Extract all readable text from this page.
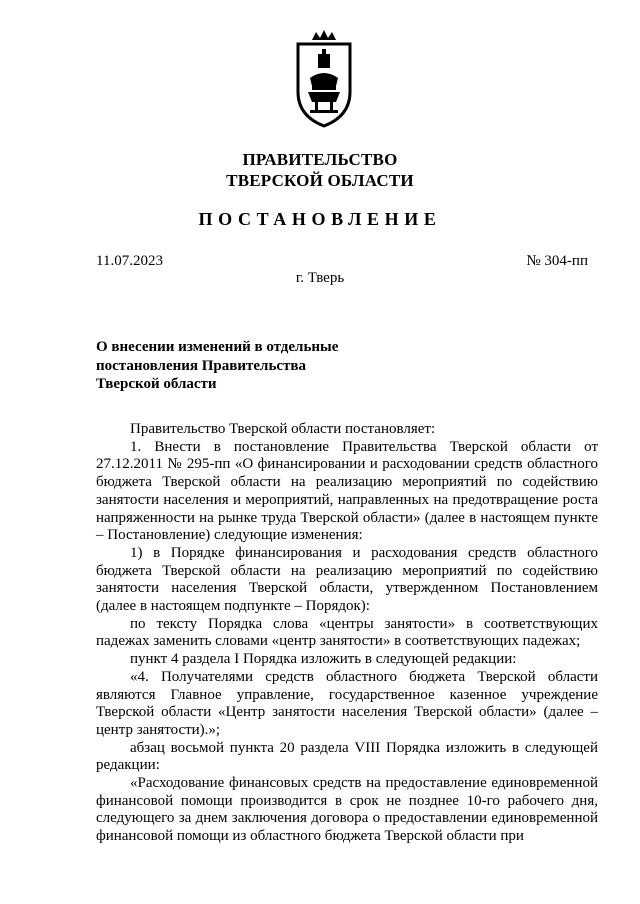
ПРАВИТЕЛЬСТВО
ТВЕРСКОЙ ОБЛАСТИ
ПОСТАНОВЛЕНИЕ
11.07.2023	№ 304-пп
г. Тверь
О внесении изменений в отдельные
постановления Правительства
Тверской области

Правительство Тверской области постановляет:

1. Внести в постановление Правительства Тверской области от 27.12.2011 № 295-пп «О финансировании и расходовании средств областного бюджета Тверской области на реализацию мероприятий по содействию занятости населения и мероприятий, направленных на предотвращение роста напряженности на рынке труда Тверской области» (далее в настоящем пункте – Постановление) следующие изменения:

1) в Порядке финансирования и расходования средств областного бюджета Тверской области на реализацию мероприятий по содействию занятости населения Тверской области, утвержденном Постановлением (далее в настоящем подпункте – Порядок):

по тексту Порядка слова «центры занятости» в соответствующих падежах заменить словами «центр занятости» в соответствующих падежах;

пункт 4 раздела I Порядка изложить в следующей редакции:

«4. Получателями средств областного бюджета Тверской области являются Главное управление, государственное казенное учреждение Тверской области «Центр занятости населения Тверской области» (далее – центр занятости).»;

абзац восьмой пункта 20 раздела VIII Порядка изложить в следующей редакции:

«Расходование финансовых средств на предоставление единовременной финансовой помощи производится в срок не позднее 10-го рабочего дня, следующего за днем заключения договора о предоставлении единовременной финансовой помощи из областного бюджета Тверской области при
